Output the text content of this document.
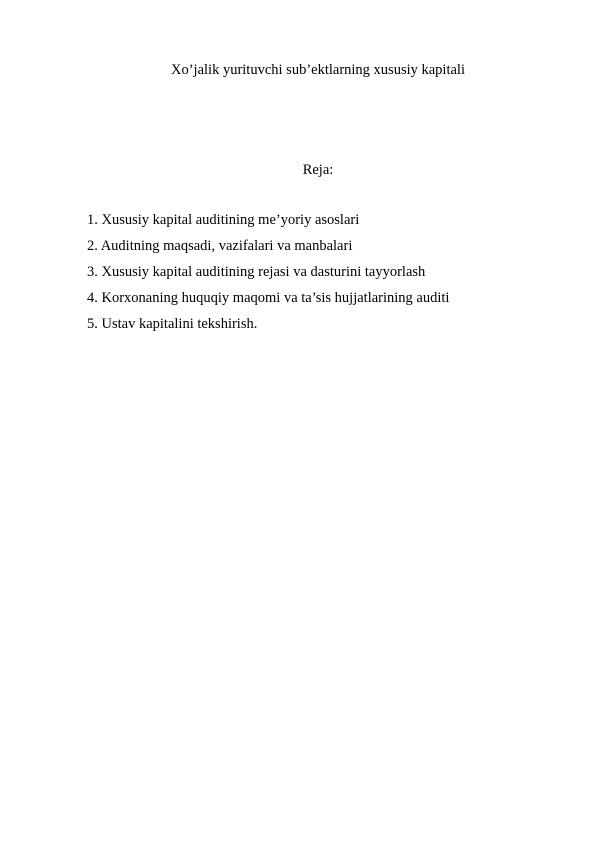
Xo’jalik yurituvchi sub’ektlarning xususiy kapitali
Reja:
1. Xususiy kapital auditining me’yoriy asoslari
2. Auditning maqsadi, vazifalari va manbalari
3. Xususiy kapital auditining rejasi va dasturini tayyorlash
4. Korxonaning huquqiy maqomi va ta’sis hujjatlarining auditi
5. Ustav kapitalini tekshirish.
